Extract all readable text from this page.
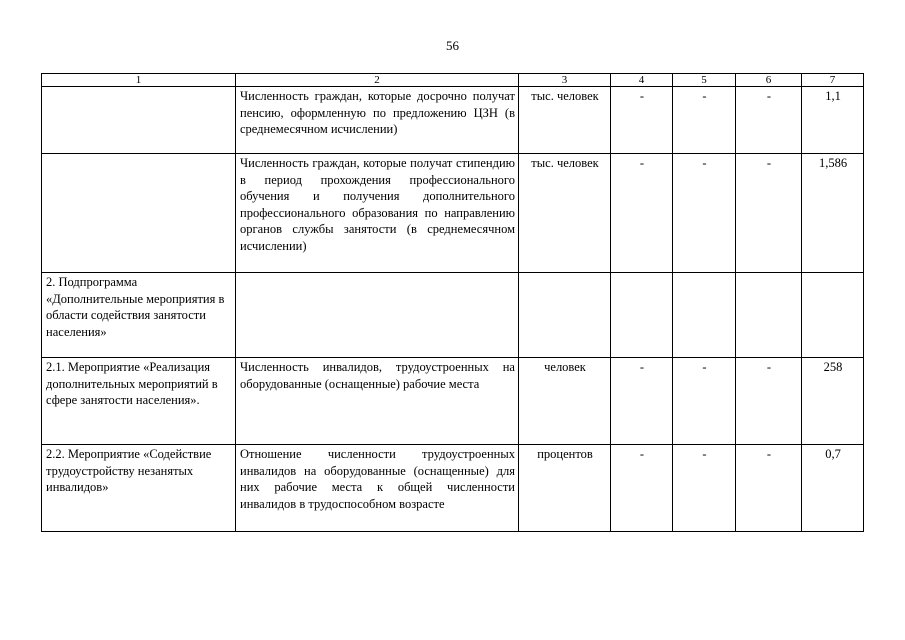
56
1	2	3	4	5	6	7
	Численность граждан, которые досрочно получат пенсию, оформленную по предложению ЦЗН (в среднемесячном исчислении)	тыс. человек	-	-	-	1,1
	Численность граждан, которые получат стипендию в период прохождения профессионального обучения и получения дополнительного профессионального образования по направлению органов службы занятости (в среднемесячном исчислении)	тыс. человек	-	-	-	1,586
2. Подпрограмма «Дополнительные мероприятия в области содействия занятости населения»						
2.1. Мероприятие «Реализация дополнительных мероприятий в сфере занятости населения».	Численность инвалидов, трудоустроенных на оборудованные (оснащенные) рабочие места	человек	-	-	-	258
2.2. Мероприятие «Содействие трудоустройству незанятых инвалидов»	Отношение численности трудоустроенных инвалидов на оборудованные (оснащенные) для них рабочие места к общей численности инвалидов в трудоспособном возрасте	процентов	-	-	-	0,7
